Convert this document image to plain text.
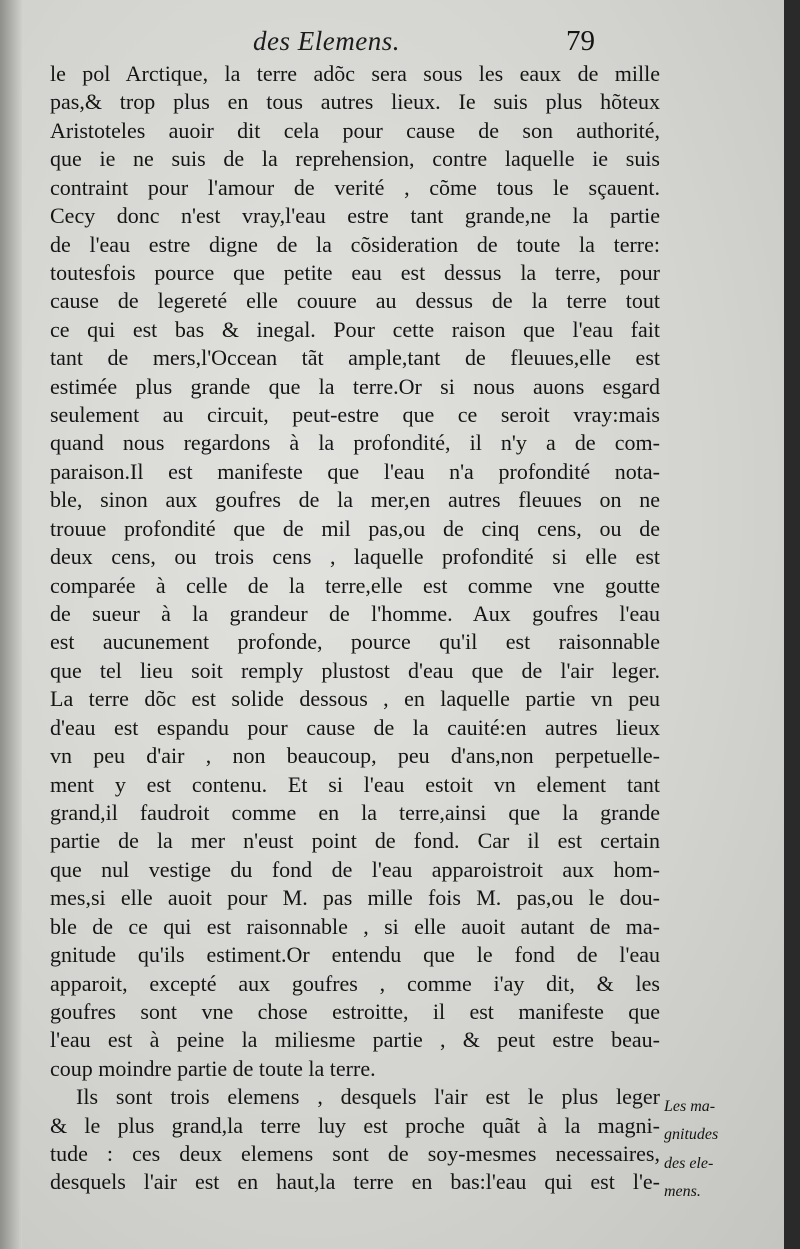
des Elemens.	79
le pol Arctique, la terre adõc sera sous les eaux de mille
pas,& trop plus en tous autres lieux. Ie suis plus hõteux
Aristoteles auoir dit cela pour cause de son authorité,
que ie ne suis de la reprehension, contre laquelle ie suis
contraint pour l'amour de verité , cõme tous le sçauent.
Cecy donc n'est vray,l'eau estre tant grande,ne la partie
de l'eau estre digne de la cõsideration de toute la terre:
toutesfois pource que petite eau est dessus la terre, pour
cause de legereté elle couure au dessus de la terre tout
ce qui est bas & inegal. Pour cette raison que l'eau fait
tant de mers,l'Occean tãt ample,tant de fleuues,elle est
estimée plus grande que la terre.Or si nous auons esgard
seulement au circuit, peut-estre que ce seroit vray:mais
quand nous regardons à la profondité, il n'y a de com-
paraison.Il est manifeste que l'eau n'a profondité nota-
ble, sinon aux goufres de la mer,en autres fleuues on ne
trouue profondité que de mil pas,ou de cinq cens, ou de
deux cens, ou trois cens , laquelle profondité si elle est
comparée à celle de la terre,elle est comme vne goutte
de sueur à la grandeur de l'homme. Aux goufres l'eau
est aucunement profonde, pource qu'il est raisonnable
que tel lieu soit remply plustost d'eau que de l'air leger.
La terre dõc est solide dessous , en laquelle partie vn peu
d'eau est espandu pour cause de la cauité:en autres lieux
vn peu d'air , non beaucoup, peu d'ans,non perpetuelle-
ment y est contenu. Et si l'eau estoit vn element tant
grand,il faudroit comme en la terre,ainsi que la grande
partie de la mer n'eust point de fond. Car il est certain
que nul vestige du fond de l'eau apparoistroit aux hom-
mes,si elle auoit pour M. pas mille fois M. pas,ou le dou-
ble de ce qui est raisonnable , si elle auoit autant de ma-
gnitude qu'ils estiment.Or entendu que le fond de l'eau
apparoit, excepté aux goufres , comme i'ay dit, & les
goufres sont vne chose estroitte, il est manifeste que
l'eau est à peine la miliesme partie , & peut estre beau-
coup moindre partie de toute la terre.
Ils sont trois elemens , desquels l'air est le plus leger
& le plus grand,la terre luy est proche quãt à la magni-
tude : ces deux elemens sont de soy-mesmes necessaires,
desquels l'air est en haut,la terre en bas:l'eau qui est l'e-
Les ma-
gnitudes
des ele-
mens.
